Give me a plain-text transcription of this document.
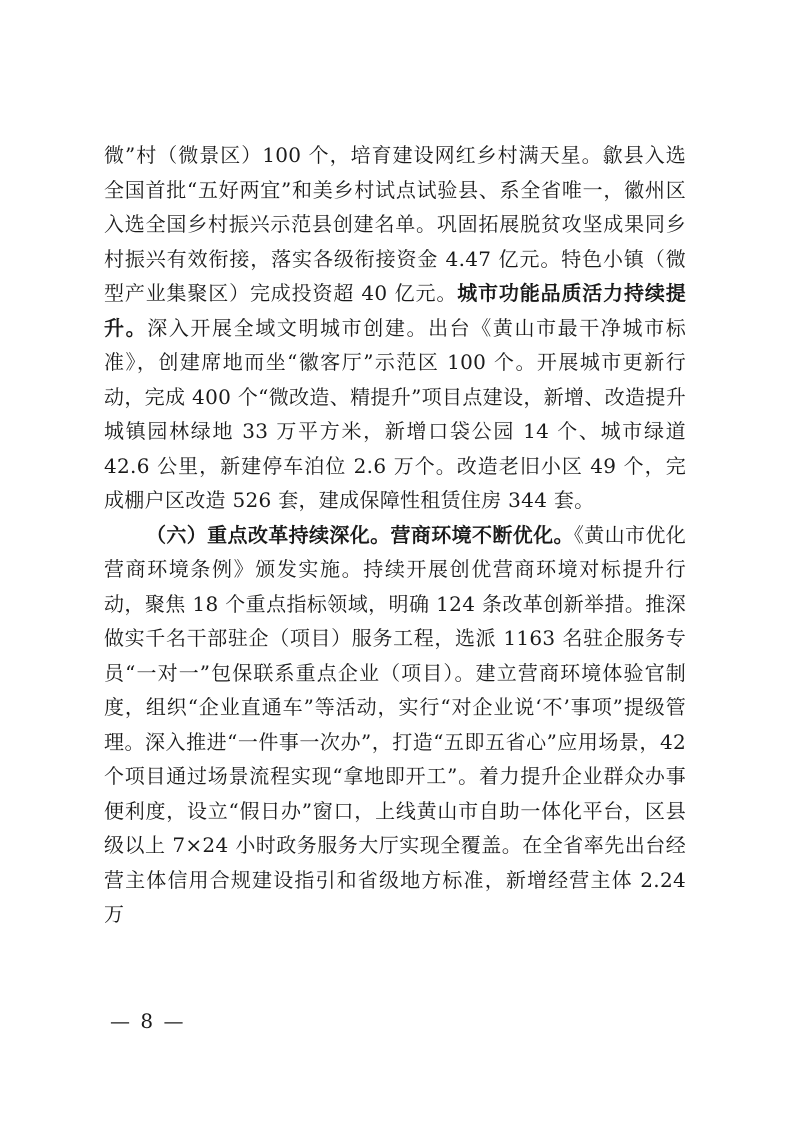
微”村（微景区）100 个，培育建设网红乡村满天星。歙县入选全国首批“五好两宜”和美乡村试点试验县、系全省唯一，徽州区入选全国乡村振兴示范县创建名单。巩固拓展脱贫攻坚成果同乡村振兴有效衔接，落实各级衔接资金 4.47 亿元。特色小镇（微型产业集聚区）完成投资超 40 亿元。城市功能品质活力持续提升。深入开展全域文明城市创建。出台《黄山市最干净城市标准》，创建席地而坐“徽客厅”示范区 100 个。开展城市更新行动，完成 400 个“微改造、精提升”项目点建设，新增、改造提升城镇园林绿地 33 万平方米，新增口袋公园 14 个、城市绿道 42.6 公里，新建停车泊位 2.6 万个。改造老旧小区 49 个，完成棚户区改造 526 套，建成保障性租赁住房 344 套。

（六）重点改革持续深化。营商环境不断优化。《黄山市优化营商环境条例》颁发实施。持续开展创优营商环境对标提升行动，聚焦 18 个重点指标领域，明确 124 条改革创新举措。推深做实千名干部驻企（项目）服务工程，选派 1163 名驻企服务专员“一对一”包保联系重点企业（项目）。建立营商环境体验官制度，组织“企业直通车”等活动，实行“对企业说‘不’事项”提级管理。深入推进“一件事一次办”，打造“五即五省心”应用场景，42 个项目通过场景流程实现“拿地即开工”。着力提升企业群众办事便利度，设立“假日办”窗口，上线黄山市自助一体化平台，区县级以上 7×24 小时政务服务大厅实现全覆盖。在全省率先出台经营主体信用合规建设指引和省级地方标准，新增经营主体 2.24 万

— 8 —
